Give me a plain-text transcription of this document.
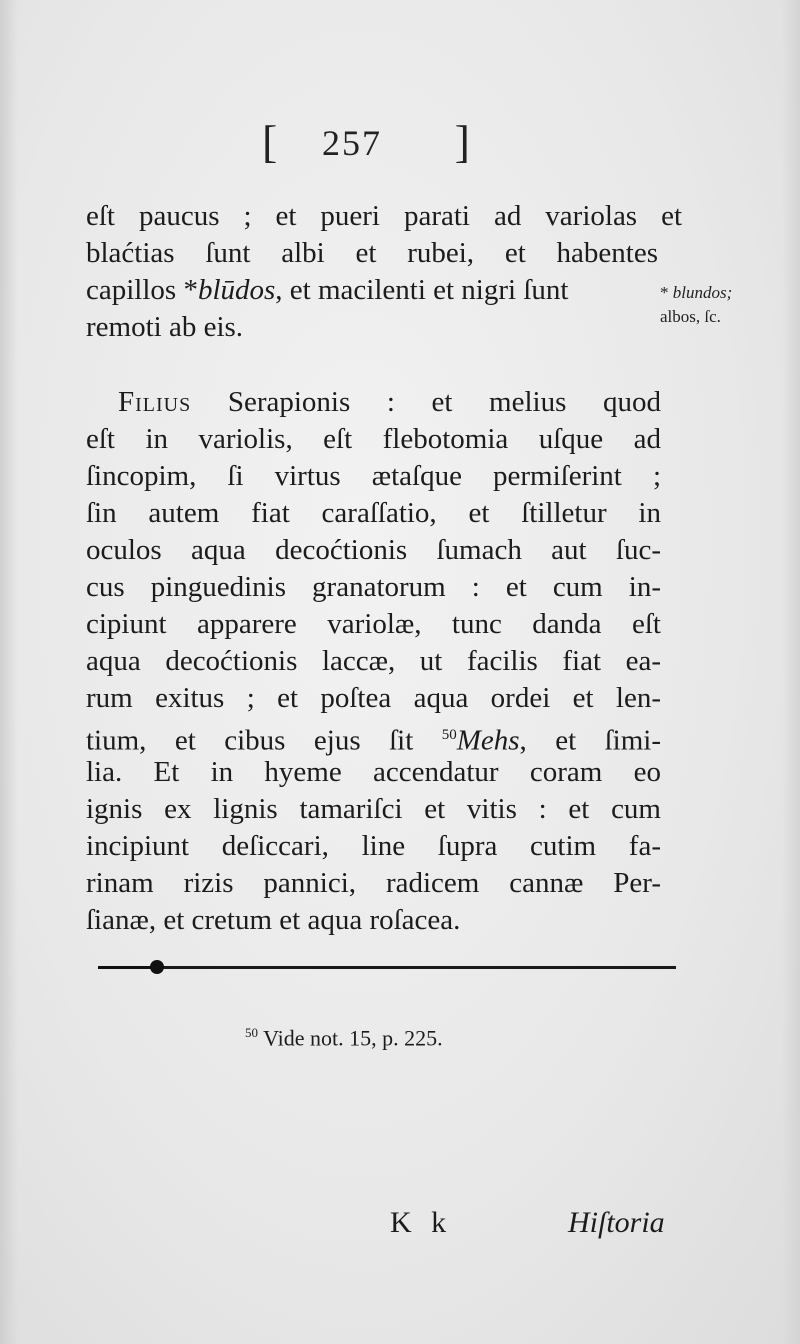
[ 257 ]
eſt paucus ; et pueri parati ad variolas et
blaćtias ſunt albi et rubei, et habentes
capillos *blūdos, et macilenti et nigri ſunt
remoti ab eis.
* blundos;
albos, ſc.
Filius Serapionis : et melius quod
eſt in variolis, eſt flebotomia uſque ad
ſincopim, ſi virtus ætaſque permiſerint ;
ſin autem fiat caraſſatio, et ſtilletur in
oculos aqua decoćtionis ſumach aut ſuc-
cus pinguedinis granatorum : et cum in-
cipiunt apparere variolæ, tunc danda eſt
aqua decoćtionis laccæ, ut facilis fiat ea-
rum exitus ; et poſtea aqua ordei et len-
tium, et cibus ejus ſit $^{50}$Mehs, et ſimi-
lia. Et in hyeme accendatur coram eo
ignis ex lignis tamariſci et vitis : et cum
incipiunt deſiccari, line ſupra cutim fa-
rinam rizis pannici, radicem cannæ Per-
ſianæ, et cretum et aqua roſacea.
$^{50}$ Vide not. 15, p. 225.
K k	Hiſtoria
